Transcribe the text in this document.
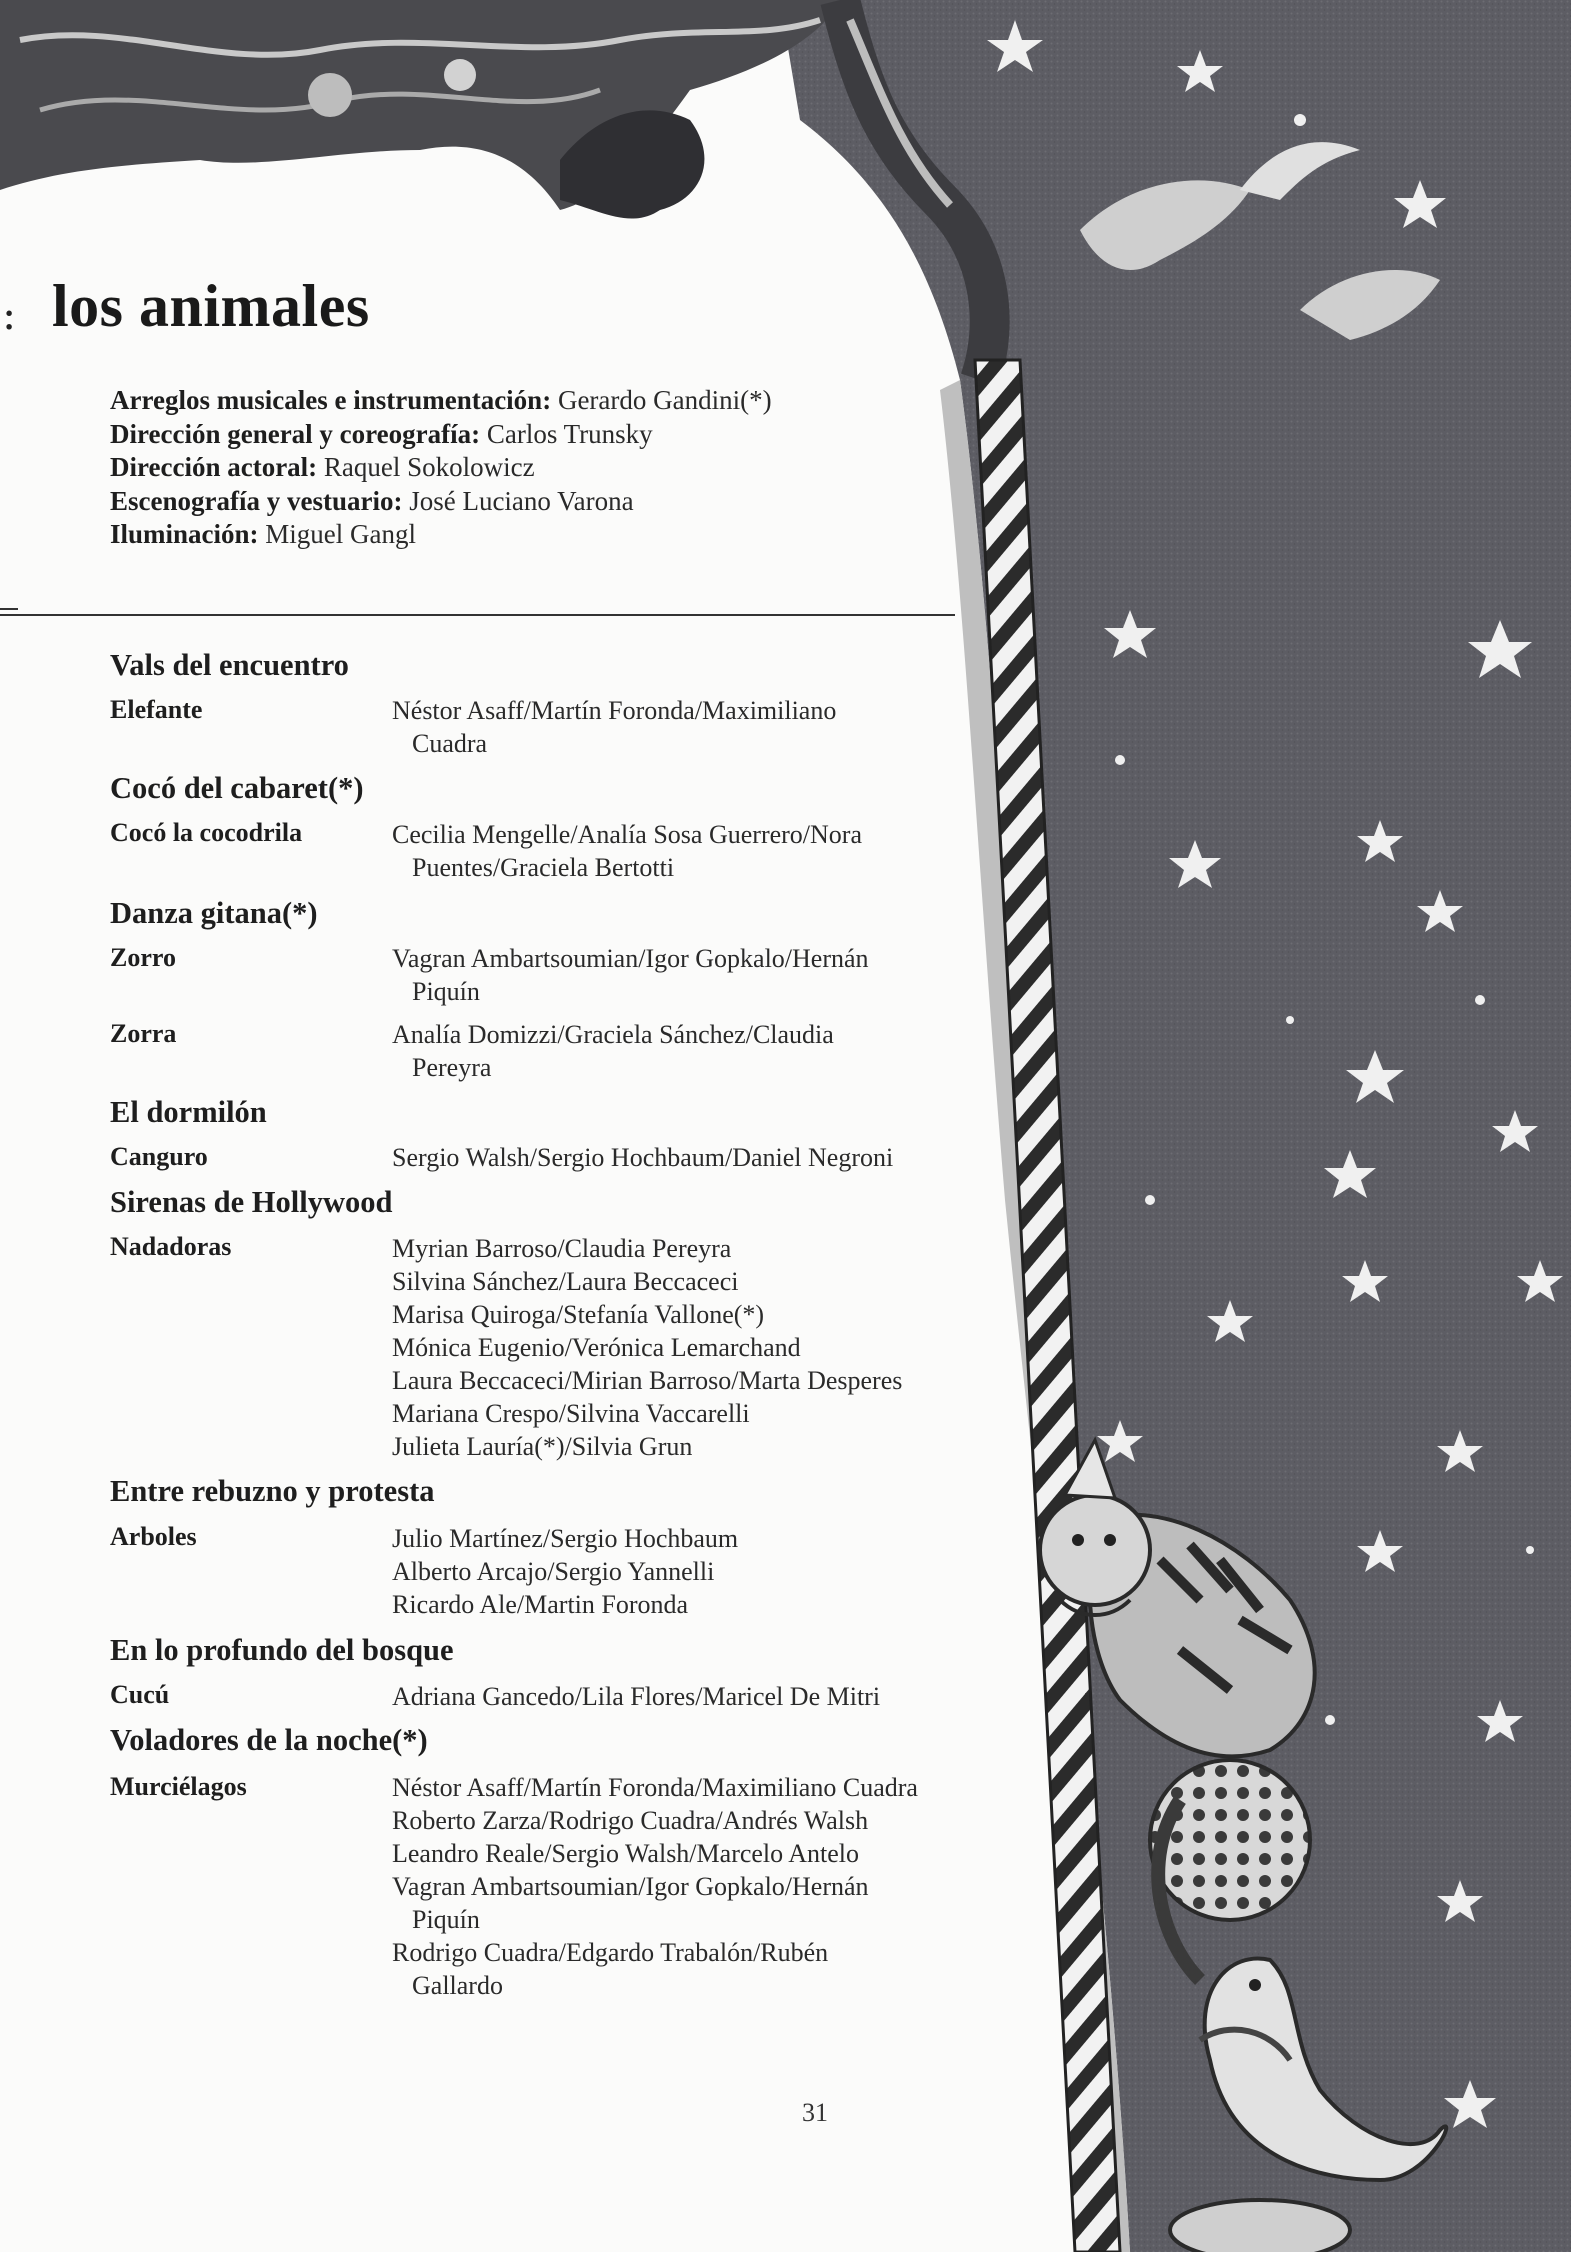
: los animales
Arreglos musicales e instrumentación: Gerardo Gandini(*)
Dirección general y coreografía: Carlos Trunsky
Dirección actoral: Raquel Sokolowicz
Escenografía y vestuario: José Luciano Varona
Iluminación: Miguel Gangl
Vals del encuentro
Elefante	Néstor Asaff/Martín Foronda/Maximiliano
Cuadra
Cocó del cabaret(*)
Cocó la cocodrila	Cecilia Mengelle/Analía Sosa Guerrero/Nora
Puentes/Graciela Bertotti
Danza gitana(*)
Zorro	Vagran Ambartsoumian/Igor Gopkalo/Hernán
Piquín
Zorra	Analía Domizzi/Graciela Sánchez/Claudia
Pereyra
El dormilón
Canguro	Sergio Walsh/Sergio Hochbaum/Daniel Negroni
Sirenas de Hollywood
Nadadoras	Myrian Barroso/Claudia Pereyra
Silvina Sánchez/Laura Beccaceci
Marisa Quiroga/Stefanía Vallone(*)
Mónica Eugenio/Verónica Lemarchand
Laura Beccaceci/Mirian Barroso/Marta Desperes
Mariana Crespo/Silvina Vaccarelli
Julieta Lauría(*)/Silvia Grun
Entre rebuzno y protesta
Arboles	Julio Martínez/Sergio Hochbaum
Alberto Arcajo/Sergio Yannelli
Ricardo Ale/Martin Foronda
En lo profundo del bosque
Cucú	Adriana Gancedo/Lila Flores/Maricel De Mitri
Voladores de la noche(*)
Murciélagos	Néstor Asaff/Martín Foronda/Maximiliano Cuadra
Roberto Zarza/Rodrigo Cuadra/Andrés Walsh
Leandro Reale/Sergio Walsh/Marcelo Antelo
Vagran Ambartsoumian/Igor Gopkalo/Hernán
Piquín
Rodrigo Cuadra/Edgardo Trabalón/Rubén
Gallardo
31
